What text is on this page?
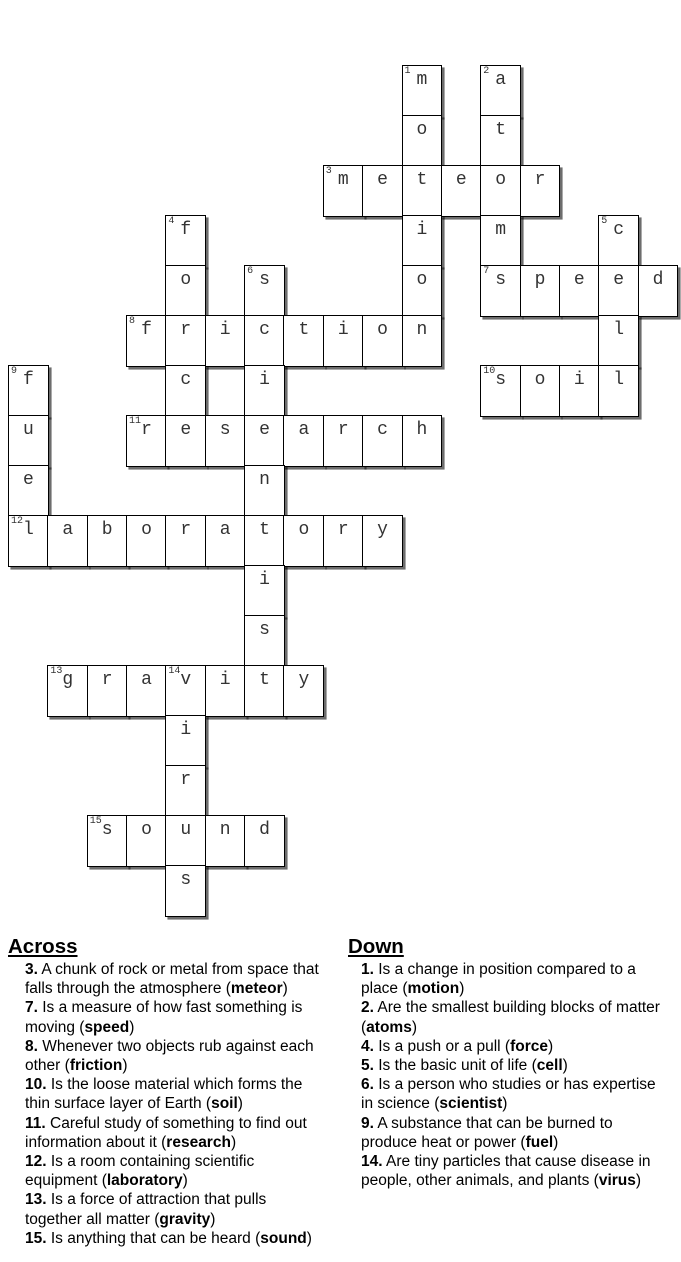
1 m	2 a
o	t
3 m	e	t	e	o	r
4 f	i	m	5 c
o	6 s	o	7 s	p	e	e	d
8 f	r	i	c	t	i	o	n	l
9 f	c	i	10 s	o	i	l
u	11 r	e	s	e	a	r	c	h
e	n
12 l	a	b	o	r	a	t	o	r	y
i
s
13 g	r	a	14 v	i	t	y
i
r
15 s	o	u	n	d
s
Across

3. A chunk of rock or metal from space that falls through the atmosphere (meteor)

7. Is a measure of how fast something is moving (speed)

8. Whenever two objects rub against each other (friction)

10. Is the loose material which forms the thin surface layer of Earth (soil)

11. Careful study of something to find out information about it (research)

12. Is a room containing scientific equipment (laboratory)

13. Is a force of attraction that pulls together all matter (gravity)

15. Is anything that can be heard (sound)

Down

1. Is a change in position compared to a place (motion)

2. Are the smallest building blocks of matter (atoms)

4. Is a push or a pull (force)

5. Is the basic unit of life (cell)

6. Is a person who studies or has expertise in science (scientist)

9. A substance that can be burned to produce heat or power (fuel)

14. Are tiny particles that cause disease in people, other animals, and plants (virus)
